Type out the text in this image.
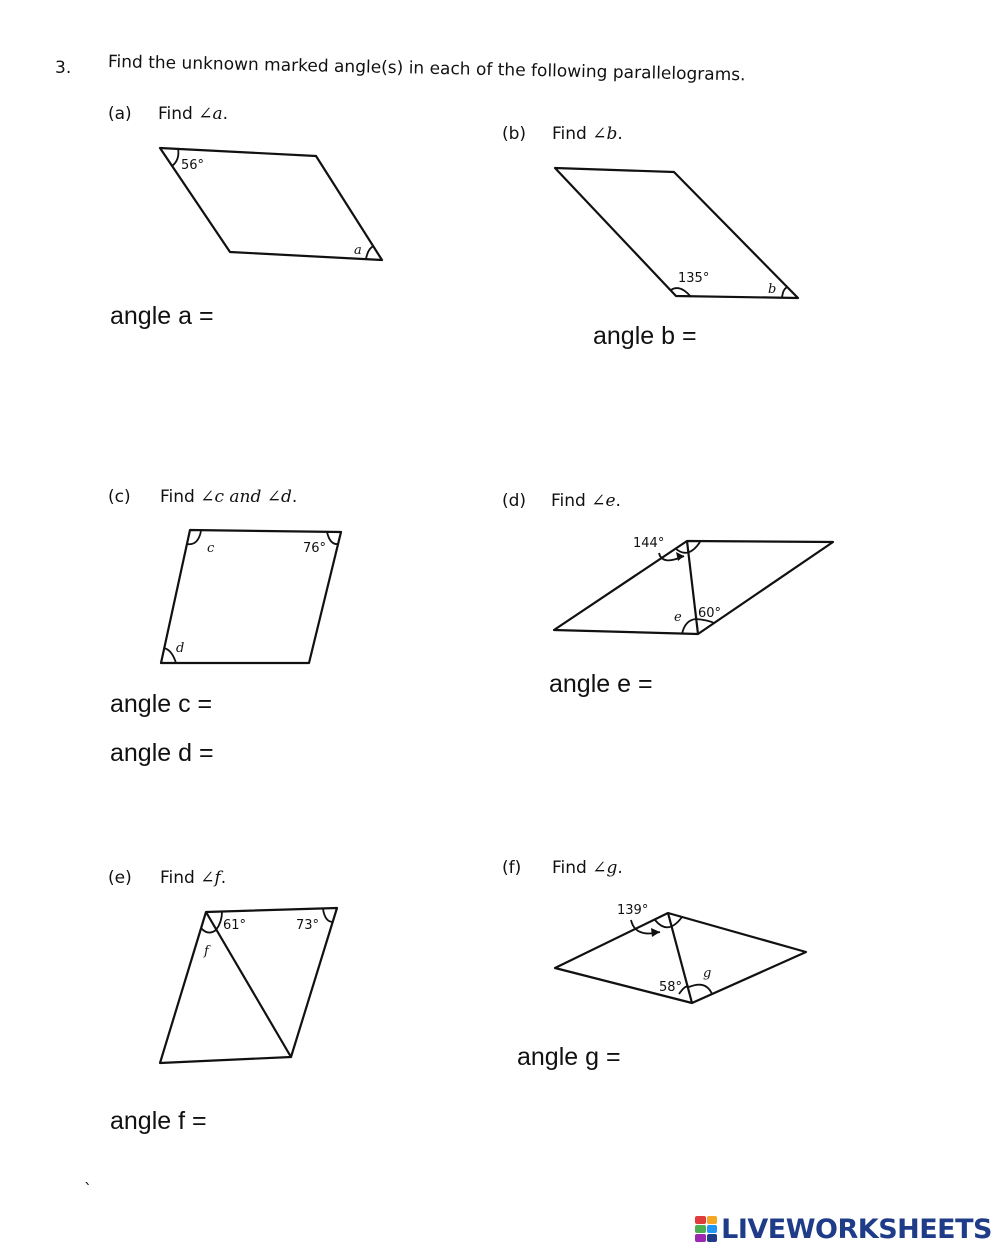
3. Find the unknown marked angle(s) in each of the following parallelograms.
(a) Find ∠a.
(b) Find ∠b.
(c) Find ∠c and ∠d.	(d) Find ∠e.
(e) Find ∠f.	(f) Find ∠g.
56°
a
135°
b
c	76°
d
144°
e 60°
f
61°	73°
139°
58°
g
angle a =
angle b =
angle c =
angle d =
angle e =
angle f =
angle g =
ˎ
LIVEWORKSHEETS
